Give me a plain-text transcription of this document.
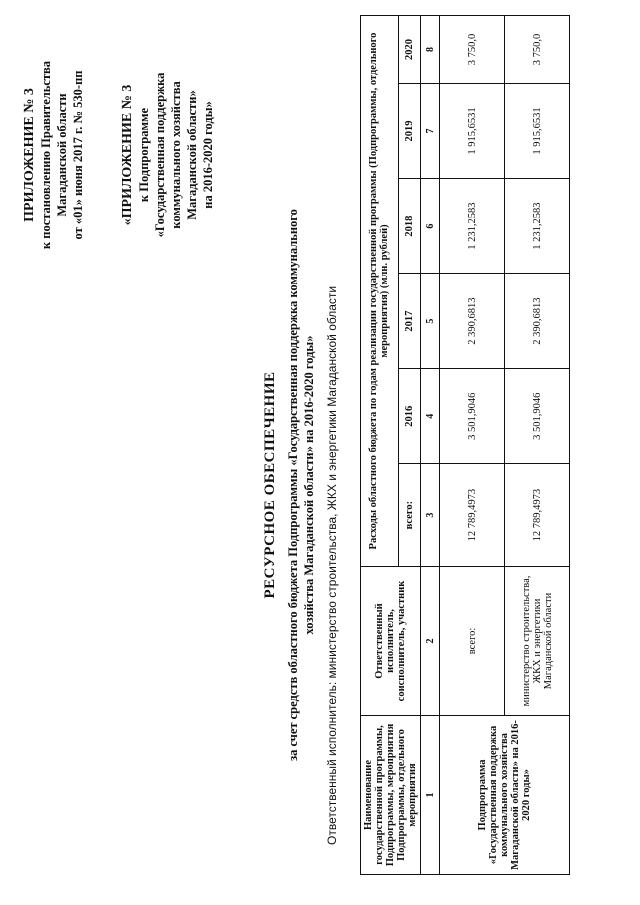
ПРИЛОЖЕНИЕ № 3 к постановлению Правительства Магаданской области от «01» июня 2017 г. № 530-пп	«ПРИЛОЖЕНИЕ № 3 к Подпрограмме «Государственная поддержка коммунального хозяйства Магаданской области» на 2016-2020 годы»
РЕСУРСНОЕ ОБЕСПЕЧЕНИЕ за счет средств областного бюджета Подпрограммы «Государственная поддержка коммунального хозяйства Магаданской области» на 2016-2020 годы» Ответственный исполнитель: министерство строительства, ЖКХ и энергетики Магаданской области Наименование государственной программы, Подпрограммы, мероприятия Подпрограммы, отдельного мероприятия	Ответственный исполнитель, соисполнитель, участник	Расходы областного бюджета по годам реализации государственной программы (Подпрограммы, отдельного мероприятия) (млн. рублей)					
		всего:	2016	2017	2018	2019	2020
1	2	3	4	5	6	7	8
Подпрограмма «Государственная поддержка коммунального хозяйства Магаданской области» на 2016-2020 годы»	всего:	12 789,4973	3 501,9046	2 390,6813	1 231,2583	1 915,6531	3 750,0
	министерство строительства, ЖКХ и энергетики Магаданской области	12 789,4973	3 501,9046	2 390,6813	1 231,2583	1 915,6531	3 750,0
